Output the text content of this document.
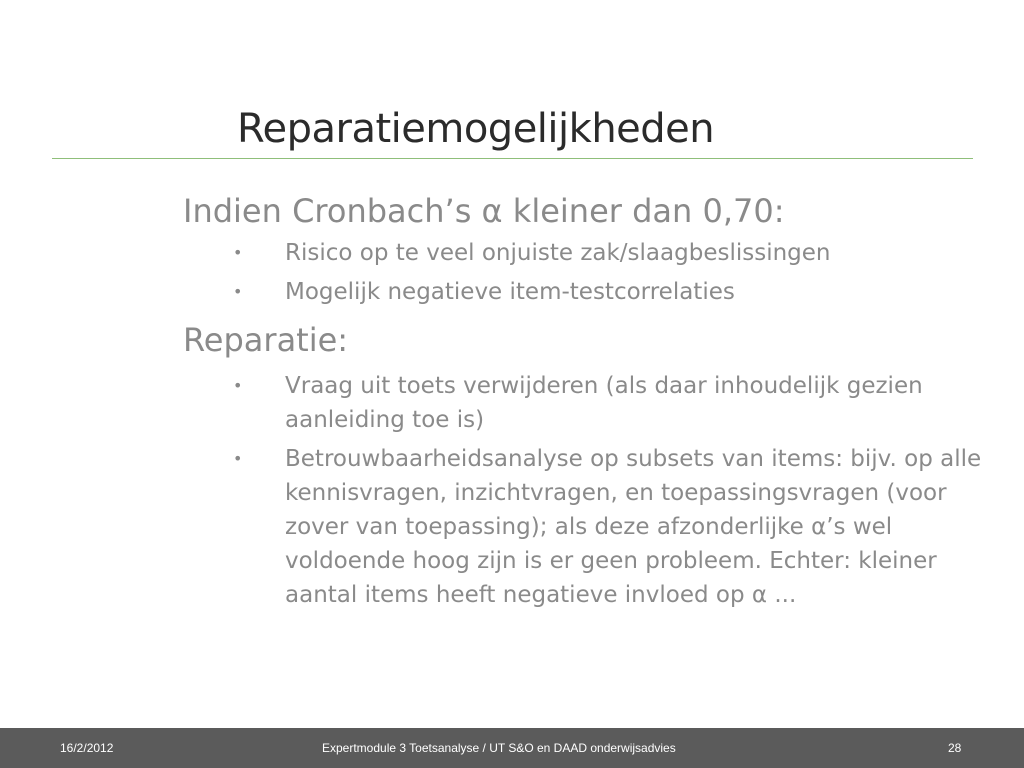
Reparatiemogelijkheden
Indien Cronbach’s α kleiner dan 0,70:
• Risico op te veel onjuiste zak/slaagbeslissingen
• Mogelijk negatieve item-testcorrelaties
Reparatie:
• Vraag uit toets verwijderen (als daar inhoudelijk gezien aanleiding toe is)
• Betrouwbaarheidsanalyse op subsets van items: bijv. op alle kennisvragen, inzichtvragen, en toepassingsvragen (voor zover van toepassing); als deze afzonderlijke α’s wel voldoende hoog zijn is er geen probleem. Echter: kleiner aantal items heeft negatieve invloed op α ...
16/2/2012	Expertmodule 3 Toetsanalyse / UT S&O en DAAD onderwijsadvies	28
